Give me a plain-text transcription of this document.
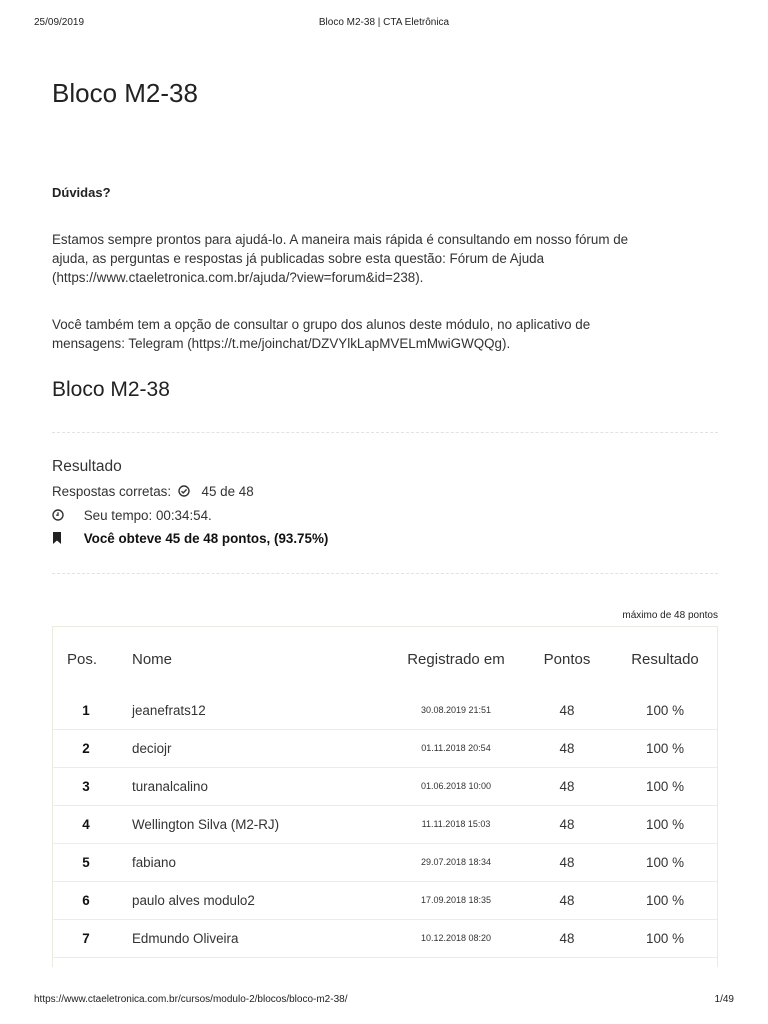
25/09/2019	Bloco M2-38 | CTA Eletrônica
Bloco M2-38
Dúvidas?

Estamos sempre prontos para ajudá-lo. A maneira mais rápida é consultando em nosso fórum de
ajuda, as perguntas e respostas já publicadas sobre esta questão: Fórum de Ajuda
(https://www.ctaeletronica.com.br/ajuda/?view=forum&id=238).

Você também tem a opção de consultar o grupo dos alunos deste módulo, no aplicativo de
mensagens: Telegram (https://t.me/joinchat/DZVYlkLapMVELmMwiGWQQg).

Bloco M2-38
Resultado
Respostas corretas: 45 de 48
Seu tempo: 00:34:54.
Você obteve 45 de 48 pontos, (93.75%)
máximo de 48 pontos
Pos.	Nome	Registrado em	Pontos	Resultado
1	jeanefrats12	30.08.2019 21:51	48	100 %
2	deciojr	01.11.2018 20:54	48	100 %
3	turanalcalino	01.06.2018 10:00	48	100 %
4	Wellington Silva (M2-RJ)	11.11.2018 15:03	48	100 %
5	fabiano	29.07.2018 18:34	48	100 %
6	paulo alves modulo2	17.09.2018 18:35	48	100 %
7	Edmundo Oliveira	10.12.2018 08:20	48	100 %
https://www.ctaeletronica.com.br/cursos/modulo-2/blocos/bloco-m2-38/	1/49
